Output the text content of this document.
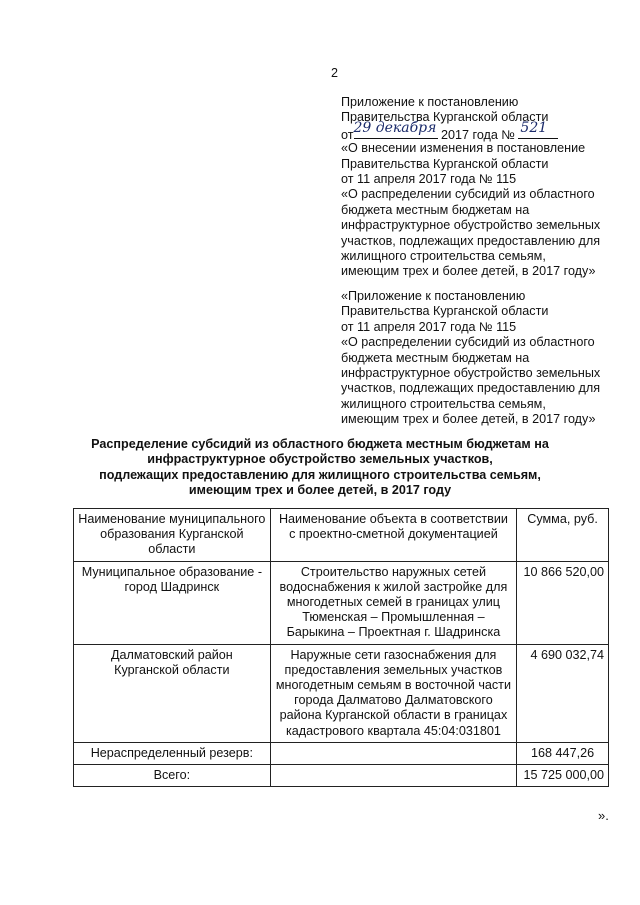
2
Приложение к постановлению
Правительства Курганской области
от 29 декабря 2017 года № 521
«О внесении изменения в постановление
Правительства Курганской области
от 11 апреля 2017 года № 115
«О распределении субсидий из областного
бюджета местным бюджетам на
инфраструктурное обустройство земельных
участков, подлежащих предоставлению для
жилищного строительства семьям,
имеющим трех и более детей, в 2017 году»
«Приложение к постановлению
Правительства Курганской области
от 11 апреля 2017 года № 115
«О распределении субсидий из областного
бюджета местным бюджетам на
инфраструктурное обустройство земельных
участков, подлежащих предоставлению для
жилищного строительства семьям,
имеющим трех и более детей, в 2017 году»
Распределение субсидий из областного бюджета местным бюджетам на
инфраструктурное обустройство земельных участков,
подлежащих предоставлению для жилищного строительства семьям,
имеющим трех и более детей, в 2017 году
Наименование муниципального образования Курганской области	Наименование объекта в соответствии с проектно-сметной документацией	Сумма, руб.
Муниципальное образование - город Шадринск	Строительство наружных сетей водоснабжения к жилой застройке для многодетных семей в границах улиц Тюменская – Промышленная – Барыкина – Проектная г. Шадринска	10 866 520,00
Далматовский район Курганской области	Наружные сети газоснабжения для предоставления земельных участков многодетным семьям в восточной части города Далматово Далматовского района Курганской области в границах кадастрового квартала 45:04:031801	4 690 032,74
Нераспределенный резерв:		168 447,26
Всего:		15 725 000,00
».
